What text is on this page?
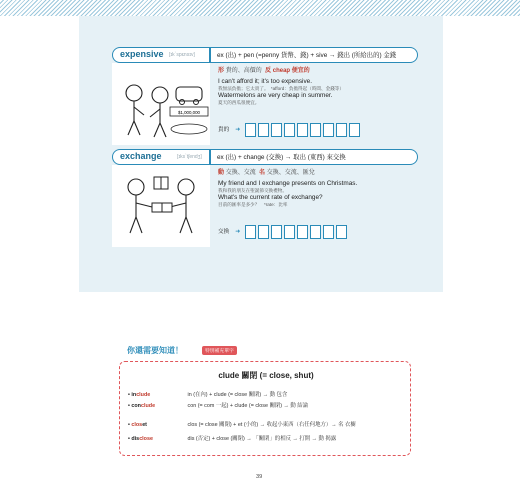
expensive [ɪk`spɛnsɪv]	ex (出) + pen (=penny 貨幣、錢) + sive → 錢出 (所給出的) 金錢
$1,000,000
形 貴的、高價的 反 cheap 便宜的
I can't afford it; it's too expensive.
我無法負擔；它太貴了。　*afford：負擔得起（時間、金錢等）
Watermelons are very cheap in summer.
夏天的西瓜很便宜。
貴的 ➜
exchange	[ɪks`tʃendʒ]	ex (出) + change (交換) → 取出 (東西) 來交換
動 交換、交流 名 交換、交流、匯兌
My friend and I exchange presents on Christmas.
我和我的朋友在聖誕節交換禮物。
What's the current rate of exchange?
目前的匯率是多少？　*rate：比率
交換 ➜
你還需要知道！	特別補充單字
clude 關閉 (= close, shut)
• include	in (在內) + clude (= close 關閉) → 動 包含
• conclude	con (= com 一起) + clude (= close 關閉) → 動 結論
• closet	clos (= close 關閉) + et (小的) → 收起小東西（右任何地方）→ 名 衣櫥
• disclose	dis (否定) + close (關閉) → 「關閉」的相反 → 打開 → 動 揭露
39
